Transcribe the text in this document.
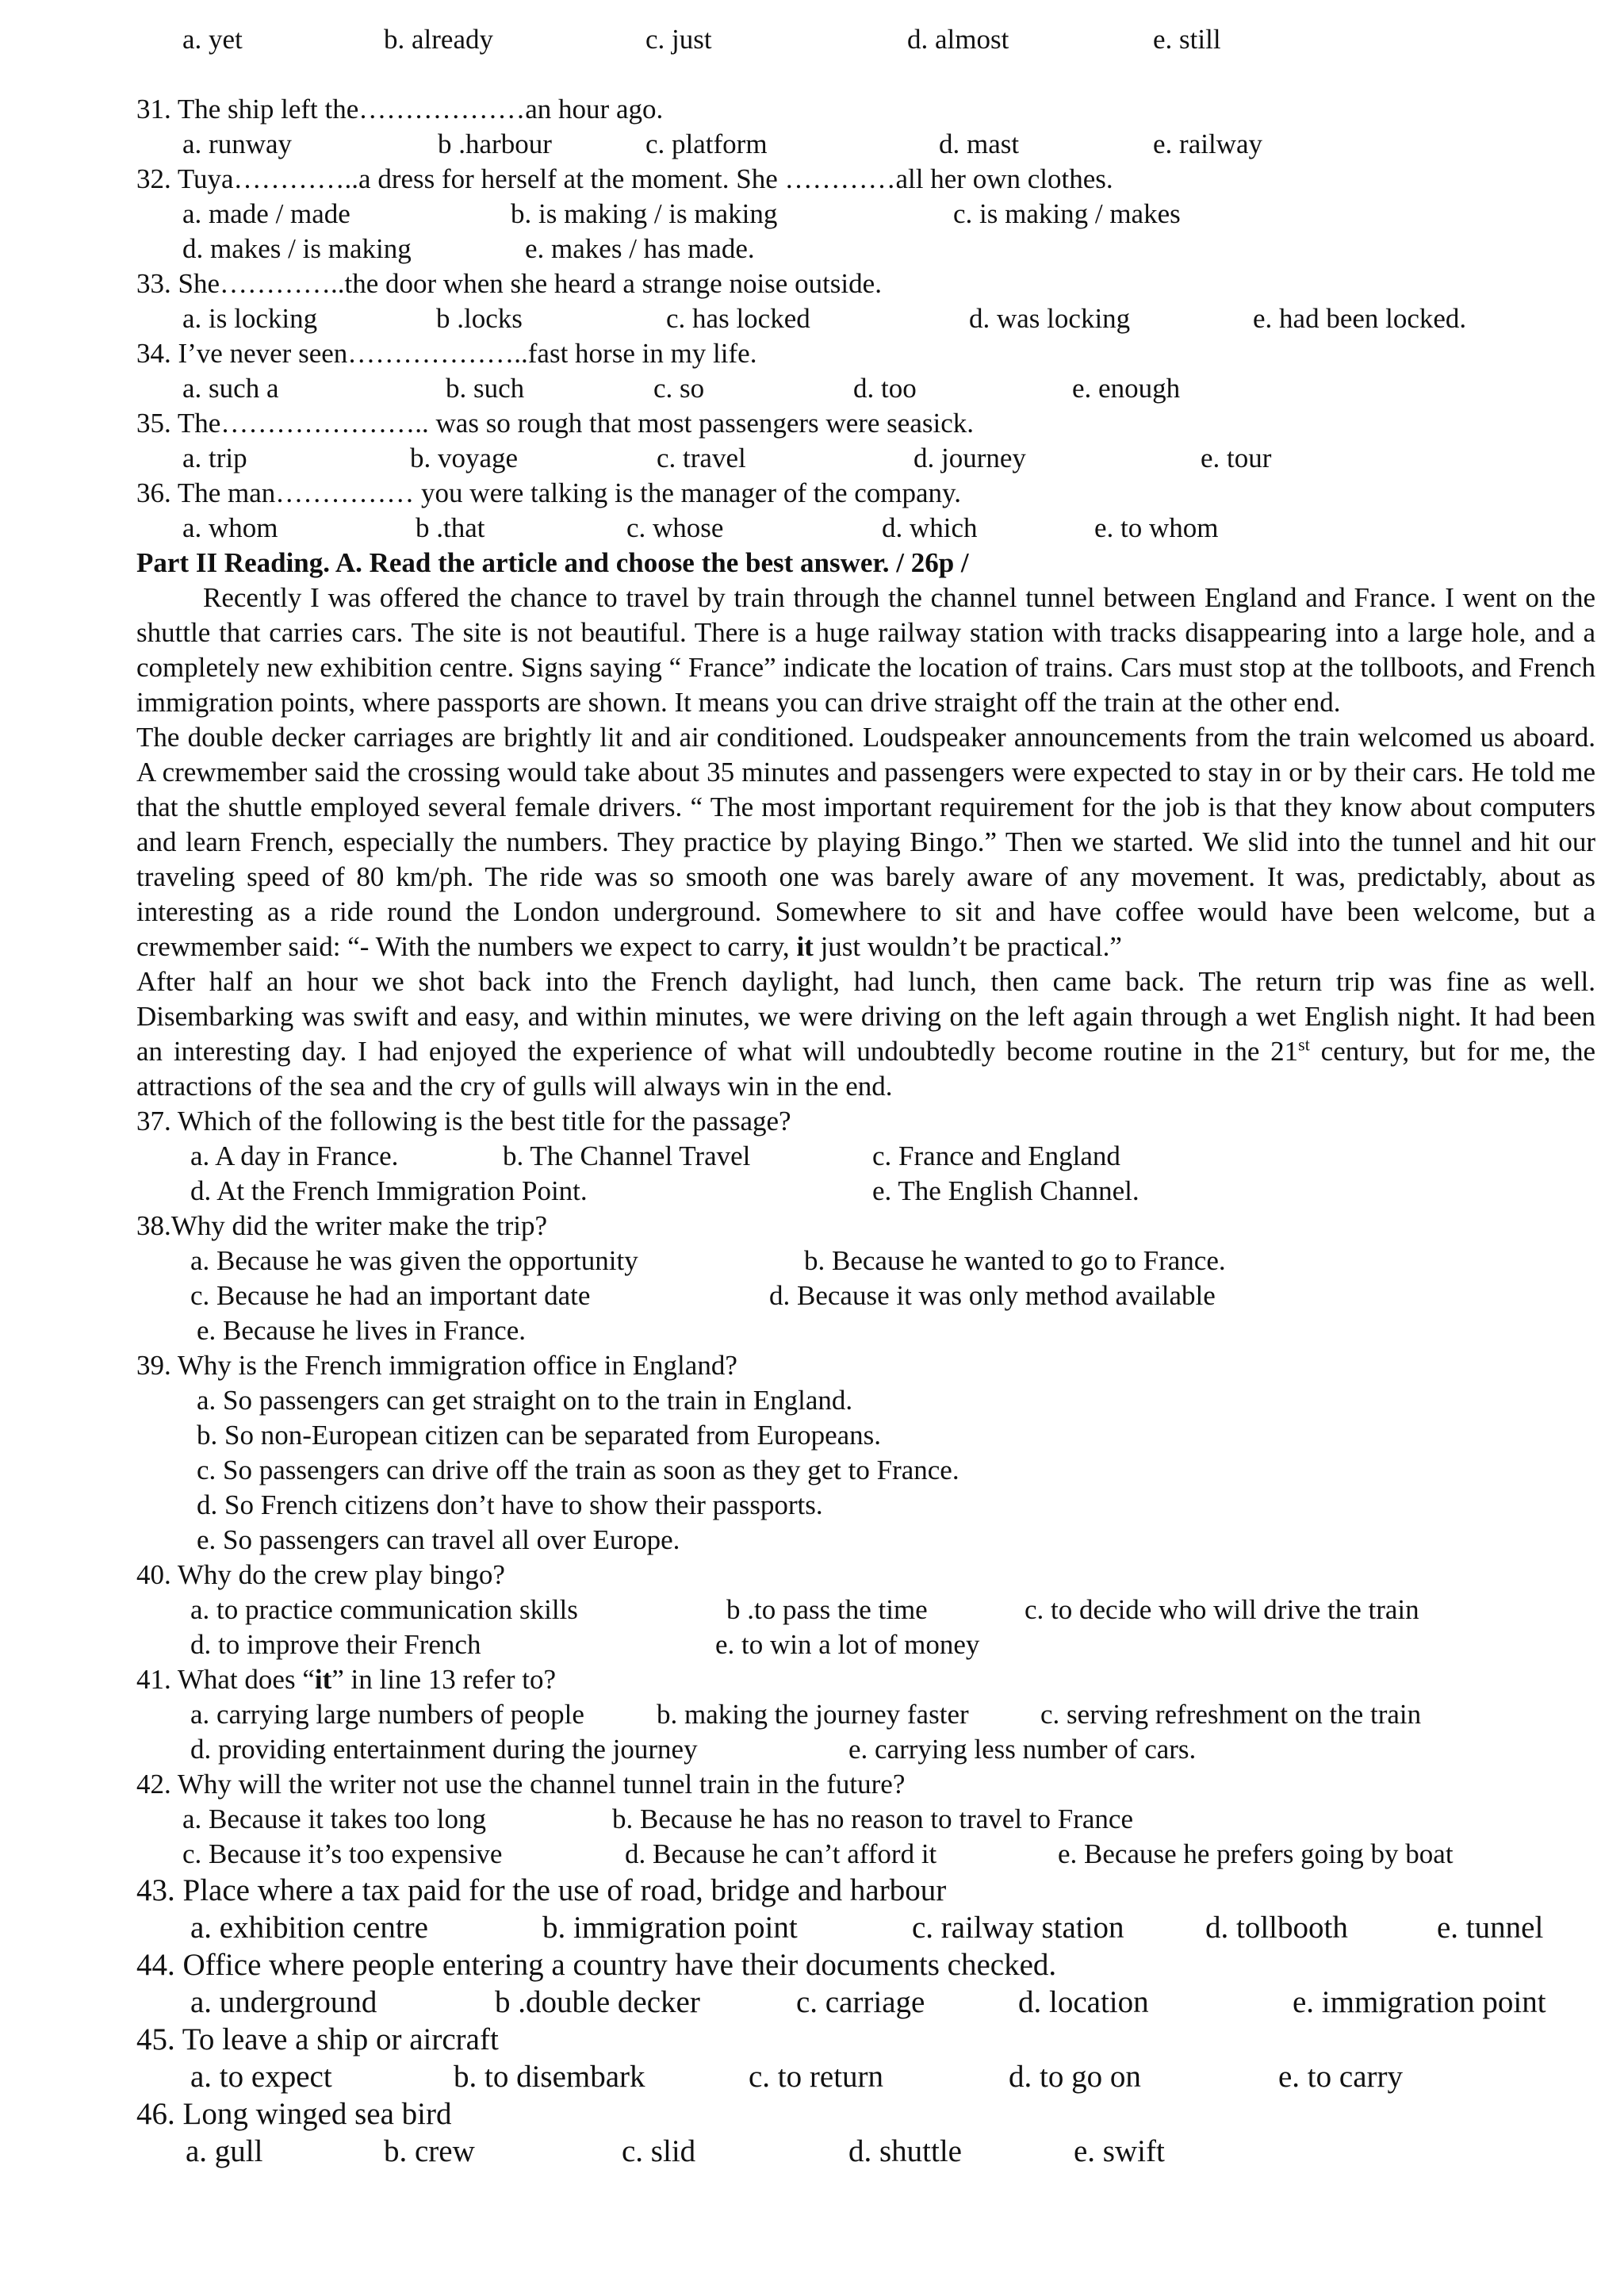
a. yet	b. already	c. just	d. almost	e. still
31. The ship left the………………an hour ago.
a. runway	b .harbour	c. platform	d. mast	e. railway
32. Tuya…………..a dress for herself at the moment. She …………all her own clothes.
a. made / made	b. is making / is making	c. is making / makes
d. makes / is making	e. makes / has made.
33. She…………..the door when she heard a strange noise outside.
a. is locking	b .locks	c. has locked	d. was locking	e. had been locked.
34. I’ve never seen………………..fast horse in my life.
a. such a	b. such	c. so	d. too	e. enough
35. The………………….. was so rough that most passengers were seasick.
a. trip	b. voyage	c. travel	d. journey	e. tour
36. The man…………… you were talking is the manager of the company.
a. whom	b .that	c. whose	d. which	e. to whom
Part II Reading. A. Read the article and choose the best answer. / 26p /

Recently I was offered the chance to travel by train through the channel tunnel between England and France. I went on the shuttle that carries cars. The site is not beautiful. There is a huge railway station with tracks disappearing into a large hole, and a completely new exhibition centre. Signs saying “ France” indicate the location of trains. Cars must stop at the tollboots, and French immigration points, where passports are shown. It means you can drive straight off the train at the other end.

The double decker carriages are brightly lit and air conditioned. Loudspeaker announcements from the train welcomed us aboard. A crewmember said the crossing would take about 35 minutes and passengers were expected to stay in or by their cars. He told me that the shuttle employed several female drivers. “ The most important requirement for the job is that they know about computers and learn French, especially the numbers. They practice by playing Bingo.” Then we started. We slid into the tunnel and hit our traveling speed of 80 km/ph. The ride was so smooth one was barely aware of any movement. It was, predictably, about as interesting as a ride round the London underground. Somewhere to sit and have coffee would have been welcome, but a crewmember said: “- With the numbers we expect to carry, it just wouldn’t be practical.”

After half an hour we shot back into the French daylight, had lunch, then came back. The return trip was fine as well. Disembarking was swift and easy, and within minutes, we were driving on the left again through a wet English night. It had been an interesting day. I had enjoyed the experience of what will undoubtedly become routine in the 21st century, but for me, the attractions of the sea and the cry of gulls will always win in the end.

37. Which of the following is the best title for the passage?
a. A day in France.	b. The Channel Travel	c. France and England
d. At the French Immigration Point.	e. The English Channel.
38.Why did the writer make the trip?
a. Because he was given the opportunity	b. Because he wanted to go to France.
c. Because he had an important date	d. Because it was only method available
e. Because he lives in France.
39. Why is the French immigration office in England?
a. So passengers can get straight on to the train in England.
b. So non-European citizen can be separated from Europeans.
c. So passengers can drive off the train as soon as they get to France.
d. So French citizens don’t have to show their passports.
e. So passengers can travel all over Europe.
40. Why do the crew play bingo?
a. to practice communication skills	b .to pass the time	c. to decide who will drive the train
d. to improve their French	e. to win a lot of money
41. What does “it” in line 13 refer to?
a. carrying large numbers of people	b. making the journey faster	c. serving refreshment on the train
d. providing entertainment during the journey	e. carrying less number of cars.
42. Why will the writer not use the channel tunnel train in the future?
a. Because it takes too long	b. Because he has no reason to travel to France
c. Because it’s too expensive	d. Because he can’t afford it	e. Because he prefers going by boat
43. Place where a tax paid for the use of road, bridge and harbour
a. exhibition centre	b. immigration point	c. railway station	d. tollbooth	e. tunnel
44. Office where people entering a country have their documents checked.
a. underground	b .double decker	c. carriage	d. location	e. immigration point
45. To leave a ship or aircraft
a. to expect	b. to disembark	c. to return	d. to go on	e. to carry
46. Long winged sea bird
a. gull	b. crew	c. slid	d. shuttle	e. swift
